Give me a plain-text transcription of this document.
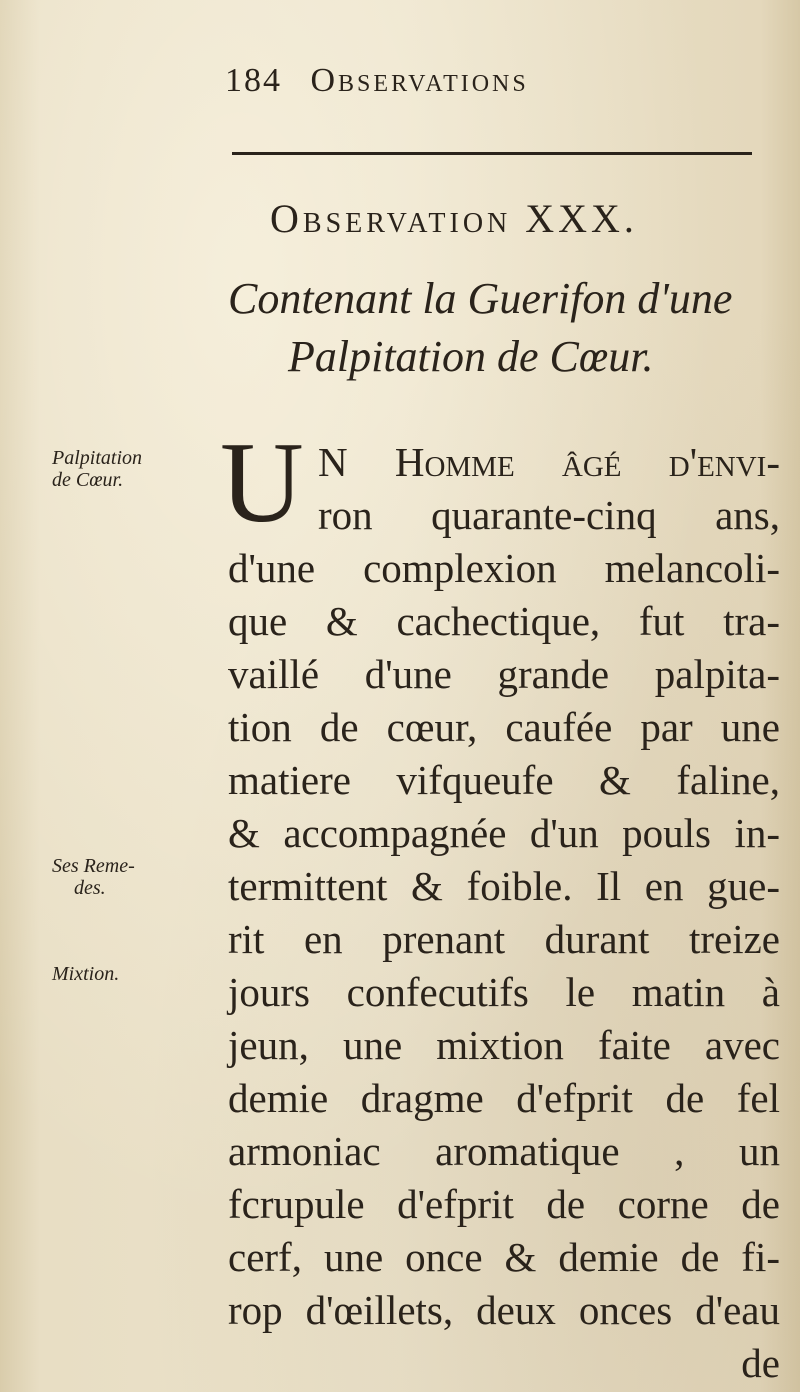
184 Observations
Observation XXX.
Contenant la Guerifon d'une
Palpitation de Cœur.
Palpitation
de Cœur.
Ses Reme-
des.
Mixtion.
U N Homme âgé d'envi-
ron quarante-cinq ans,
d'une complexion melancoli-
que & cachectique, fut tra-
vaillé d'une grande palpita-
tion de cœur, caufée par une
matiere vifqueufe & faline,
& accompagnée d'un pouls in-
termittent & foible. Il en gue-
rit en prenant durant treize
jours confecutifs le matin à
jeun, une mixtion faite avec
demie dragme d'efprit de fel
armoniac aromatique , un
fcrupule d'efprit de corne de
cerf, une once & demie de fi-
rop d'œillets, deux onces d'eau
de
